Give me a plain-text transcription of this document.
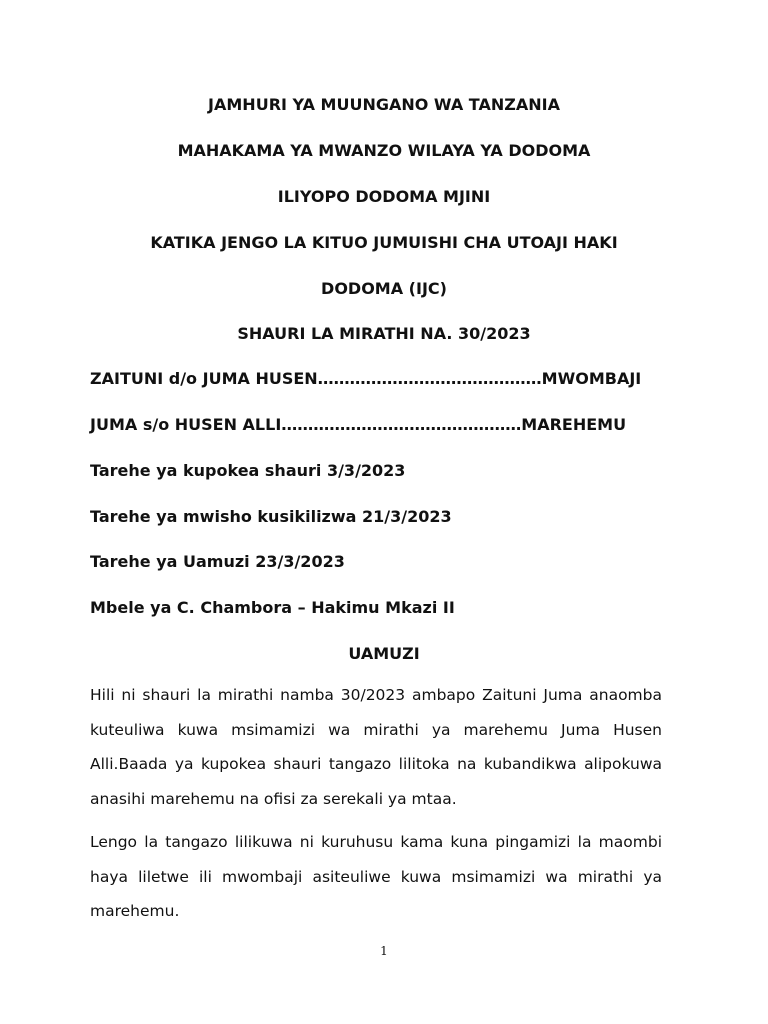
JAMHURI YA MUUNGANO WA TANZANIA
MAHAKAMA YA MWANZO WILAYA YA DODOMA
ILIYOPO DODOMA MJINI
KATIKA JENGO LA KITUO JUMUISHI CHA UTOAJI HAKI
DODOMA (IJC)
SHAURI LA MIRATHI NA. 30/2023
ZAITUNI d/o JUMA HUSEN……………………………………MWOMBAJI
JUMA s/o HUSEN ALLI………………………………………MAREHEMU
Tarehe ya kupokea shauri 3/3/2023
Tarehe ya mwisho kusikilizwa 21/3/2023
Tarehe ya Uamuzi 23/3/2023
Mbele ya C. Chambora – Hakimu Mkazi II
UAMUZI
Hili ni shauri la mirathi namba 30/2023 ambapo Zaituni Juma anaomba
kuteuliwa kuwa msimamizi wa mirathi ya marehemu Juma Husen
Alli.Baada ya kupokea shauri tangazo lilitoka na kubandikwa alipokuwa
anasihi marehemu na ofisi za serekali ya mtaa.
Lengo la tangazo lilikuwa ni kuruhusu kama kuna pingamizi la maombi
haya liletwe ili mwombaji asiteuliwe kuwa msimamizi wa mirathi ya
marehemu.
1
